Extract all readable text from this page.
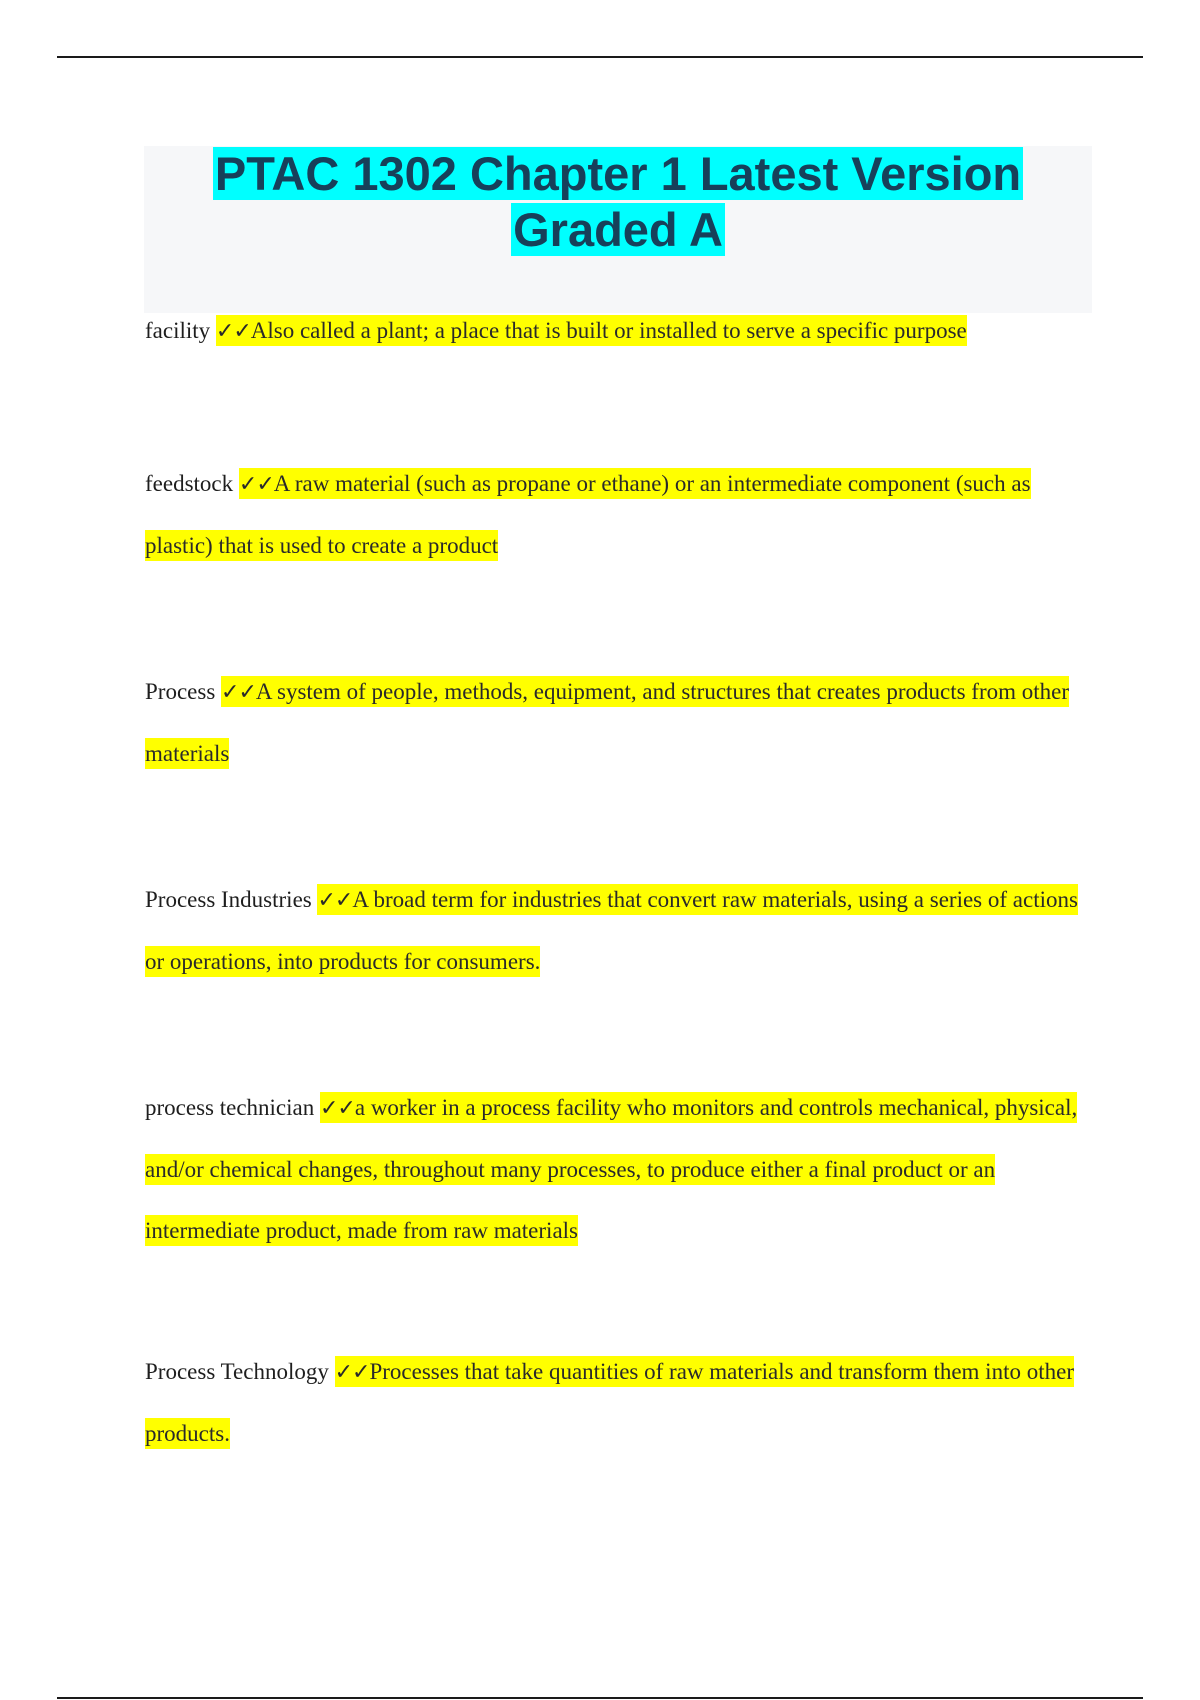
PTAC 1302 Chapter 1 Latest Version
Graded A

facility ✓✓Also called a plant; a place that is built or installed to serve a specific purpose

feedstock ✓✓A raw material (such as propane or ethane) or an intermediate component (such as plastic) that is used to create a product

Process ✓✓A system of people, methods, equipment, and structures that creates products from other materials

Process Industries ✓✓A broad term for industries that convert raw materials, using a series of actions or operations, into products for consumers.

process technician ✓✓a worker in a process facility who monitors and controls mechanical, physical, and/or chemical changes, throughout many processes, to produce either a final product or an intermediate product, made from raw materials

Process Technology ✓✓Processes that take quantities of raw materials and transform them into other products.
